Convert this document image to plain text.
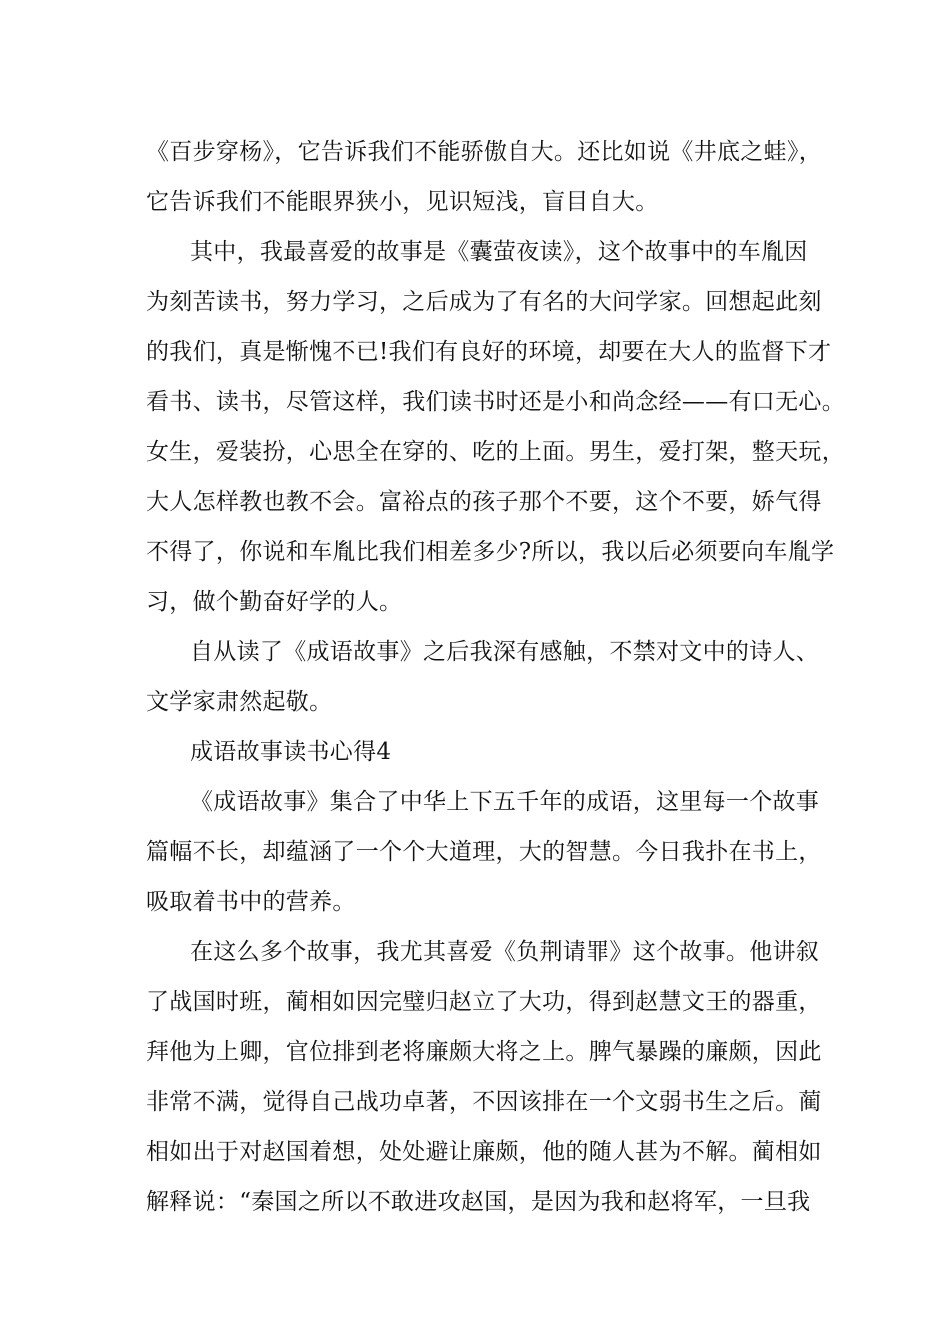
《百步穿杨》，它告诉我们不能骄傲自大。还比如说《井底之蛙》，
它告诉我们不能眼界狭小，见识短浅，盲目自大。
其中，我最喜爱的故事是《囊萤夜读》，这个故事中的车胤因
为刻苦读书，努力学习，之后成为了有名的大问学家。回想起此刻
的我们，真是惭愧不已!我们有良好的环境，却要在大人的监督下才
看书、读书，尽管这样，我们读书时还是小和尚念经——有口无心。
女生，爱装扮，心思全在穿的、吃的上面。男生，爱打架，整天玩，
大人怎样教也教不会。富裕点的孩子那个不要，这个不要，娇气得
不得了，你说和车胤比我们相差多少?所以，我以后必须要向车胤学
习，做个勤奋好学的人。
自从读了《成语故事》之后我深有感触，不禁对文中的诗人、
文学家肃然起敬。
成语故事读书心得4
《成语故事》集合了中华上下五千年的成语，这里每一个故事
篇幅不长，却蕴涵了一个个大道理，大的智慧。今日我扑在书上，
吸取着书中的营养。
在这么多个故事，我尤其喜爱《负荆请罪》这个故事。他讲叙
了战国时班，蔺相如因完璧归赵立了大功，得到赵慧文王的器重，
拜他为上卿，官位排到老将廉颇大将之上。脾气暴躁的廉颇，因此
非常不满，觉得自己战功卓著，不因该排在一个文弱书生之后。蔺
相如出于对赵国着想，处处避让廉颇，他的随人甚为不解。蔺相如
解释说：“秦国之所以不敢进攻赵国，是因为我和赵将军，一旦我
